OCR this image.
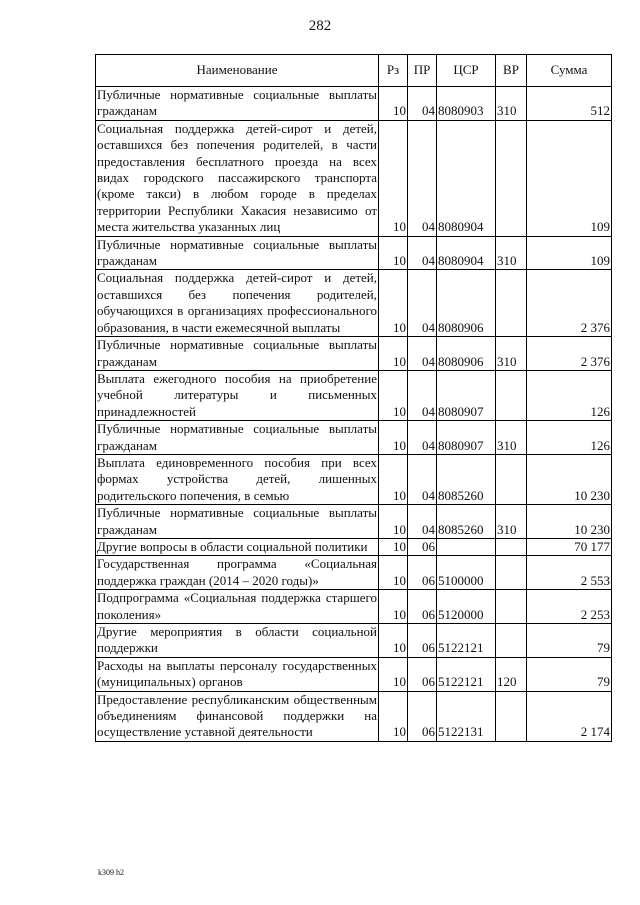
282
Наименование	Рз	ПР	ЦСР	ВР	Сумма
Публичные нормативные социальные выплаты гражданам	10	04	8080903	310	512
Социальная поддержка детей-сирот и детей, оставшихся без попечения родителей, в части предоставления бесплатного проезда на всех видах городского пассажирского транспорта (кроме такси) в любом городе в пределах территории Республики Хакасия независимо от места жительства указанных лиц	10	04	8080904		109
Публичные нормативные социальные выплаты гражданам	10	04	8080904	310	109
Социальная поддержка детей-сирот и детей, оставшихся без попечения родителей, обучающихся в организациях профессионального образования, в части ежемесячной выплаты	10	04	8080906		2 376
Публичные нормативные социальные выплаты гражданам	10	04	8080906	310	2 376
Выплата ежегодного пособия на приобретение учебной литературы и письменных принадлежностей	10	04	8080907		126
Публичные нормативные социальные выплаты гражданам	10	04	8080907	310	126
Выплата единовременного пособия при всех формах устройства детей, лишенных родительского попечения, в семью	10	04	8085260		10 230
Публичные нормативные социальные выплаты гражданам	10	04	8085260	310	10 230
Другие вопросы в области социальной политики	10	06			70 177
Государственная программа «Социальная поддержка граждан (2014 – 2020 годы)»	10	06	5100000		2 553
Подпрограмма «Социальная поддержка старшего поколения»	10	06	5120000		2 253
Другие мероприятия в области социальной поддержки	10	06	5122121		79
Расходы на выплаты персоналу государственных (муниципальных) органов	10	06	5122121	120	79
Предоставление республиканским общественным объединениям финансовой поддержки на осуществление уставной деятельности	10	06	5122131		2 174
k309 h2
